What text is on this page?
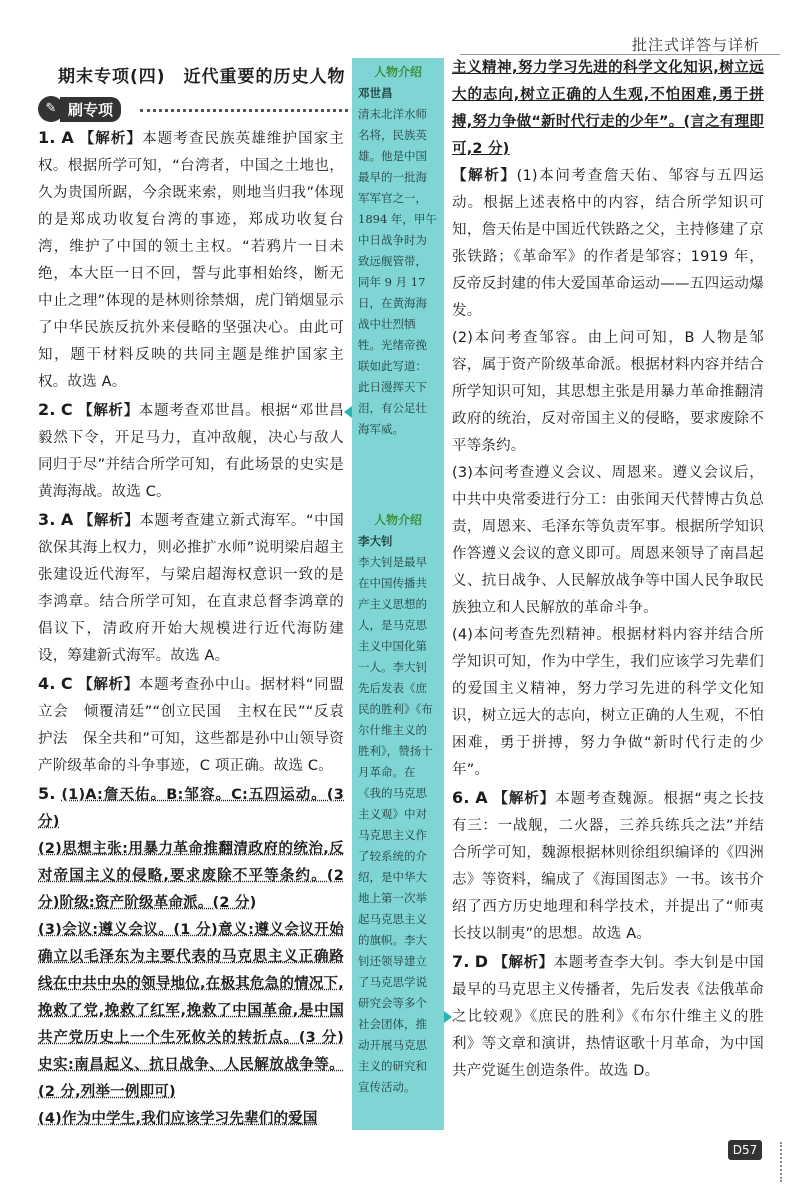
批注式详答与详析
期末专项(四)　近代重要的历史人物
✎ 刷专项

1. A 【解析】本题考查民族英雄维护国家主权。根据所学可知，“台湾者，中国之土地也，久为贵国所踞，今余既来索，则地当归我”体现的是郑成功收复台湾的事迹，郑成功收复台湾，维护了中国的领土主权。“若鸦片一日未绝，本大臣一日不回，誓与此事相始终，断无中止之理”体现的是林则徐禁烟，虎门销烟显示了中华民族反抗外来侵略的坚强决心。由此可知，题干材料反映的共同主题是维护国家主权。故选 A。

2. C 【解析】本题考查邓世昌。根据“邓世昌毅然下令，开足马力，直冲敌舰，决心与敌人同归于尽”并结合所学可知，有此场景的史实是黄海海战。故选 C。

3. A 【解析】本题考查建立新式海军。“中国欲保其海上权力，则必推扩水师”说明梁启超主张建设近代海军，与梁启超海权意识一致的是李鸿章。结合所学可知，在直隶总督李鸿章的倡议下，清政府开始大规模进行近代海防建设，筹建新式海军。故选 A。

4. C 【解析】本题考查孙中山。据材料“同盟立会　倾覆清廷”“创立民国　主权在民”“反袁护法　保全共和”可知，这些都是孙中山领导资产阶级革命的斗争事迹，C 项正确。故选 C。

5. (1)A:詹天佑。B:邹容。C:五四运动。(3 分)

(2)思想主张:用暴力革命推翻清政府的统治,反对帝国主义的侵略,要求废除不平等条约。(2 分)阶级:资产阶级革命派。(2 分)

(3)会议:遵义会议。(1 分)意义:遵义会议开始确立以毛泽东为主要代表的马克思主义正确路线在中共中央的领导地位,在极其危急的情况下,挽救了党,挽救了红军,挽救了中国革命,是中国共产党历史上一个生死攸关的转折点。(3 分)史实:南昌起义、抗日战争、人民解放战争等。(2 分,列举一例即可)

(4)作为中学生,我们应该学习先辈们的爱国

人物介绍
邓世昌
清末北洋水师名将，民族英雄。他是中国最早的一批海军军官之一，1894 年，甲午中日战争时为致远舰管带，同年 9 月 17 日，在黄海海战中壮烈牺牲。光绪帝挽联如此写道：此日漫挥天下泪，有公足壮海军威。
人物介绍
李大钊
李大钊是最早在中国传播共产主义思想的人，是马克思主义中国化第一人。李大钊先后发表《庶民的胜利》《布尔什维主义的胜利》，赞扬十月革命。在《我的马克思主义观》中对马克思主义作了较系统的介绍，是中华大地上第一次举起马克思主义的旗帜。李大钊还领导建立了马克思学说研究会等多个社会团体，推动开展马克思主义的研究和宣传活动。

主义精神,努力学习先进的科学文化知识,树立远大的志向,树立正确的人生观,不怕困难,勇于拼搏,努力争做“新时代行走的少年”。(言之有理即可,2 分)

【解析】(1)本问考查詹天佑、邹容与五四运动。根据上述表格中的内容，结合所学知识可知，詹天佑是中国近代铁路之父，主持修建了京张铁路；《革命军》的作者是邹容；1919 年，反帝反封建的伟大爱国革命运动——五四运动爆发。

(2)本问考查邹容。由上问可知，B 人物是邹容，属于资产阶级革命派。根据材料内容并结合所学知识可知，其思想主张是用暴力革命推翻清政府的统治，反对帝国主义的侵略，要求废除不平等条约。

(3)本问考查遵义会议、周恩来。遵义会议后，中共中央常委进行分工：由张闻天代替博古负总责，周恩来、毛泽东等负责军事。根据所学知识作答遵义会议的意义即可。周恩来领导了南昌起义、抗日战争、人民解放战争等中国人民争取民族独立和人民解放的革命斗争。

(4)本问考查先烈精神。根据材料内容并结合所学知识可知，作为中学生，我们应该学习先辈们的爱国主义精神，努力学习先进的科学文化知识，树立远大的志向，树立正确的人生观，不怕困难，勇于拼搏，努力争做“新时代行走的少年”。

6. A 【解析】本题考查魏源。根据“夷之长技有三：一战舰，二火器，三养兵练兵之法”并结合所学可知，魏源根据林则徐组织编译的《四洲志》等资料，编成了《海国图志》一书。该书介绍了西方历史地理和科学技术，并提出了“师夷长技以制夷”的思想。故选 A。

7. D 【解析】本题考查李大钊。李大钊是中国最早的马克思主义传播者，先后发表《法俄革命之比较观》《庶民的胜利》《布尔什维主义的胜利》等文章和演讲，热情讴歌十月革命，为中国共产党诞生创造条件。故选 D。

D57
